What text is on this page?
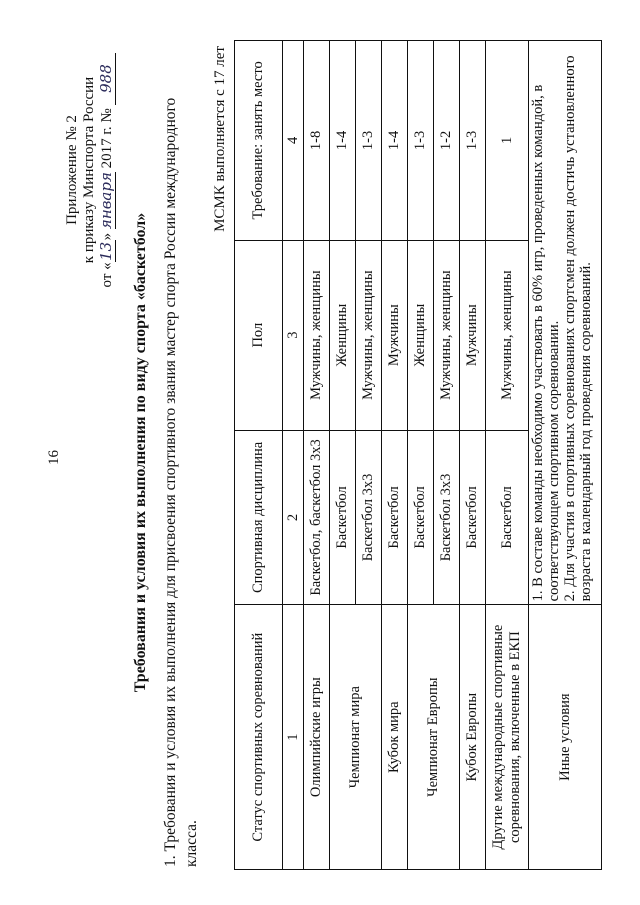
16
Приложение № 2 к приказу Минспорта России
от «13» января 2017 г. № 988
Требования и условия их выполнения по виду спорта «баскетбол» 1. Требования и условия их выполнения для присвоения спортивного звания мастер спорта России международного класса.
МСМК выполняется с 17 лет
Статус спортивных соревнований	Спортивная дисциплина	Пол	Требование: занять место
1	2	3	4
Олимпийские игры	Баскетбол, баскетбол 3х3	Мужчины, женщины	1-8
Чемпионат мира	Баскетбол	Женщины	1-4
	Баскетбол 3х3	Мужчины, женщины	1-3
Кубок мира	Баскетбол	Мужчины	1-4
Чемпионат Европы	Баскетбол	Женщины	1-3
	Баскетбол 3х3	Мужчины, женщины	1-2
Кубок Европы	Баскетбол	Мужчины	1-3
Другие международные спортивные соревнования, включенные в ЕКП	Баскетбол	Мужчины, женщины	1
Иные условия	1. В составе команды необходимо участвовать в 60% игр, проведенных командой, в соответствующем спортивном соревновании. 2. Для участия в спортивных соревнованиях спортсмен должен достичь установленного возраста в календарный год проведения соревнований.		
